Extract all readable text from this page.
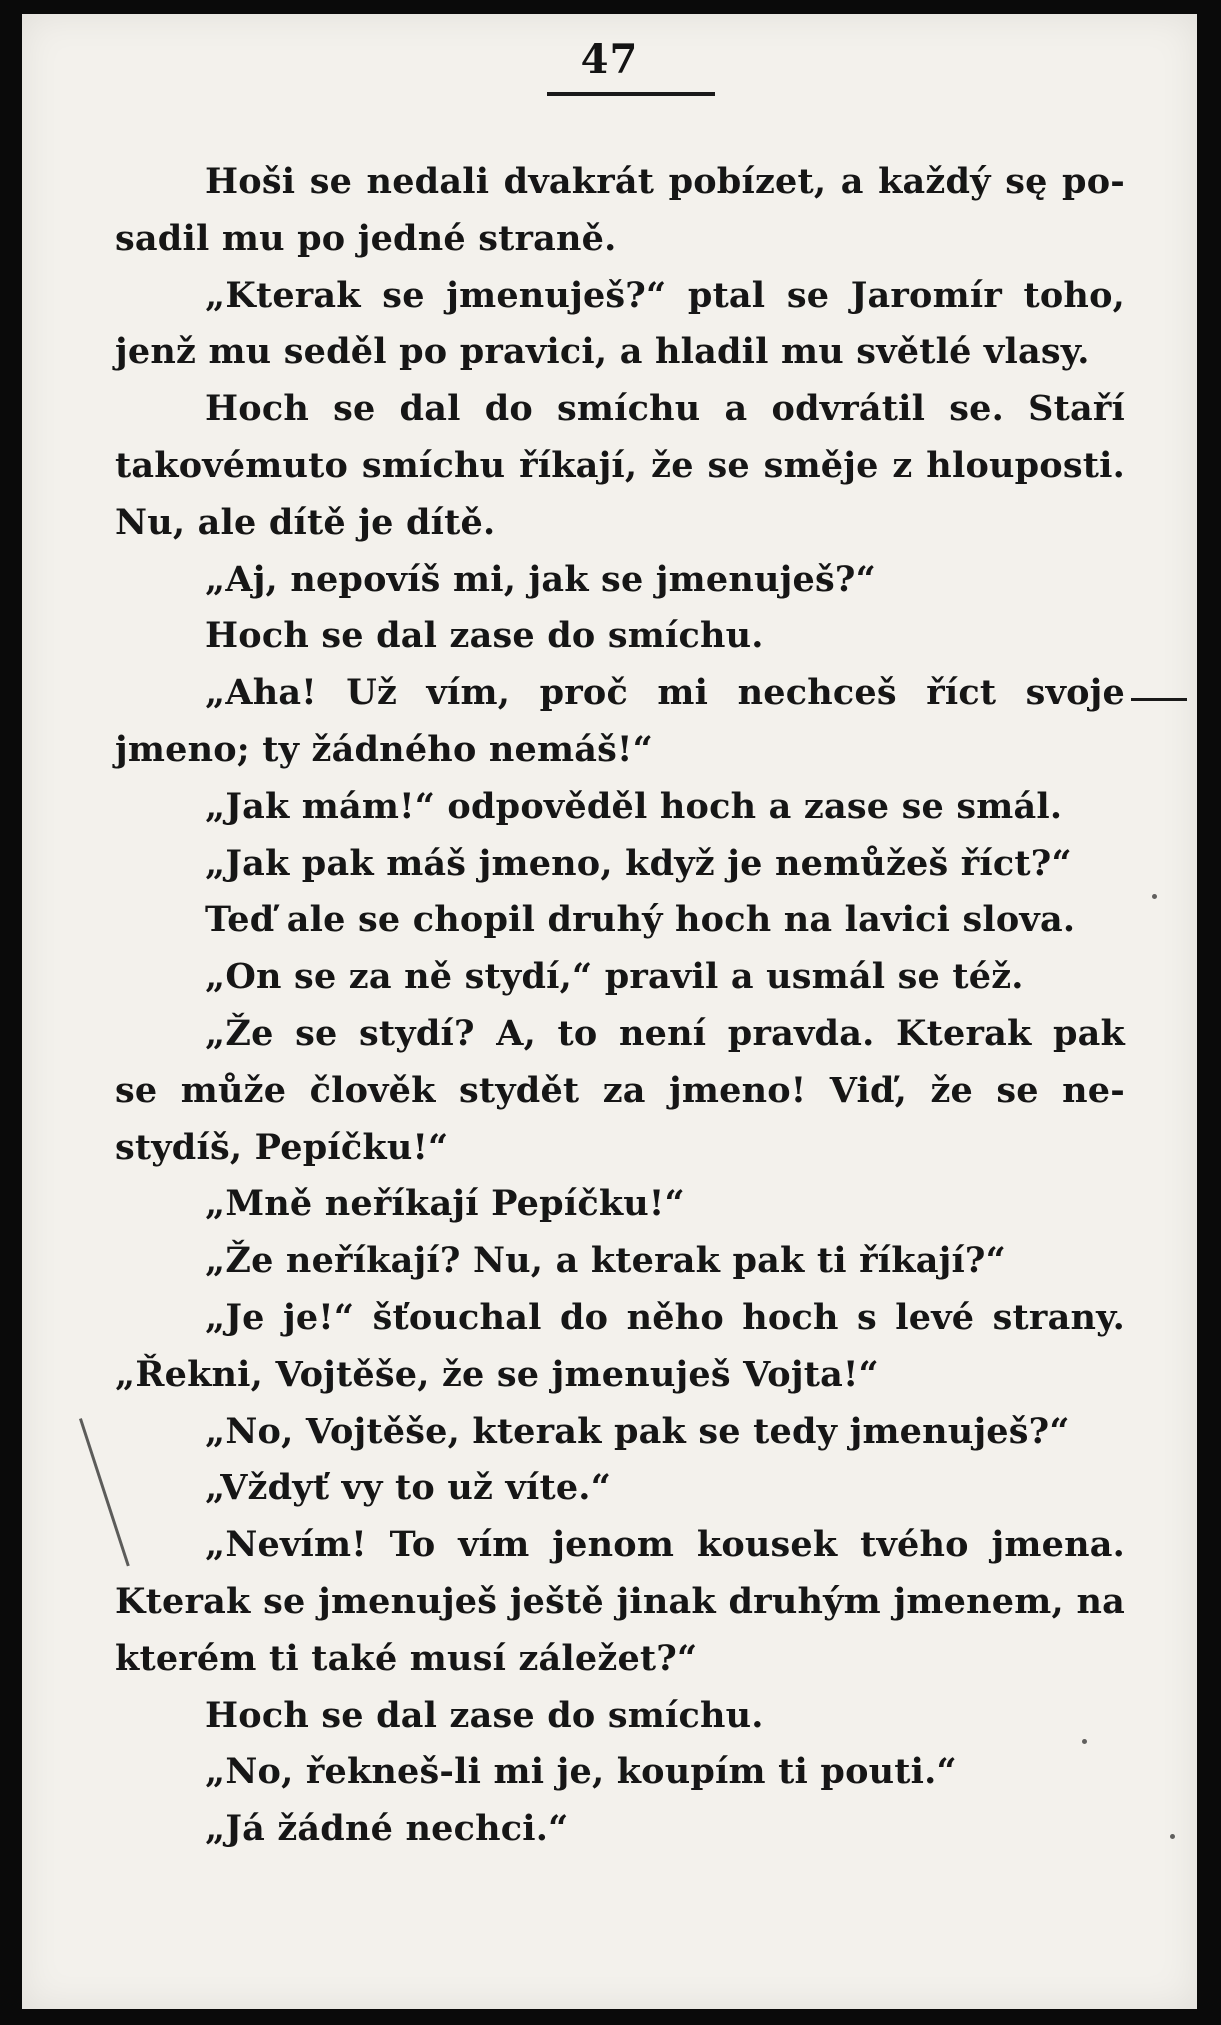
47
Hoši se nedali dvakrát pobízet, a každý sę po-
sadil mu po jedné straně.
„Kterak se jmenuješ?“ ptal se Jaromír toho,
jenž mu seděl po pravici, a hladil mu světlé vlasy.
Hoch se dal do smíchu a odvrátil se. Staří
takovémuto smíchu říkají, že se směje z hlouposti.
Nu, ale dítě je dítě.
„Aj, nepovíš mi, jak se jmenuješ?“
Hoch se dal zase do smíchu.
„Aha! Už vím, proč mi nechceš říct svoje
jmeno; ty žádného nemáš!“
„Jak mám!“ odpověděl hoch a zase se smál.
„Jak pak máš jmeno, když je nemůžeš říct?“
Teď ale se chopil druhý hoch na lavici slova.
„On se za ně stydí,“ pravil a usmál se též.
„Že se stydí? A, to není pravda. Kterak pak
se může člověk stydět za jmeno! Viď, že se ne-
stydíš, Pepíčku!“
„Mně neříkají Pepíčku!“
„Že neříkají? Nu, a kterak pak ti říkají?“
„Je je!“ šťouchal do něho hoch s levé strany.
„Řekni, Vojtěše, že se jmenuješ Vojta!“
„No, Vojtěše, kterak pak se tedy jmenuješ?“
„Vždyť vy to už víte.“
„Nevím! To vím jenom kousek tvého jmena.
Kterak se jmenuješ ještě jinak druhým jmenem, na
kterém ti také musí záležet?“
Hoch se dal zase do smíchu.
„No, řekneš-li mi je, koupím ti pouti.“
„Já žádné nechci.“
